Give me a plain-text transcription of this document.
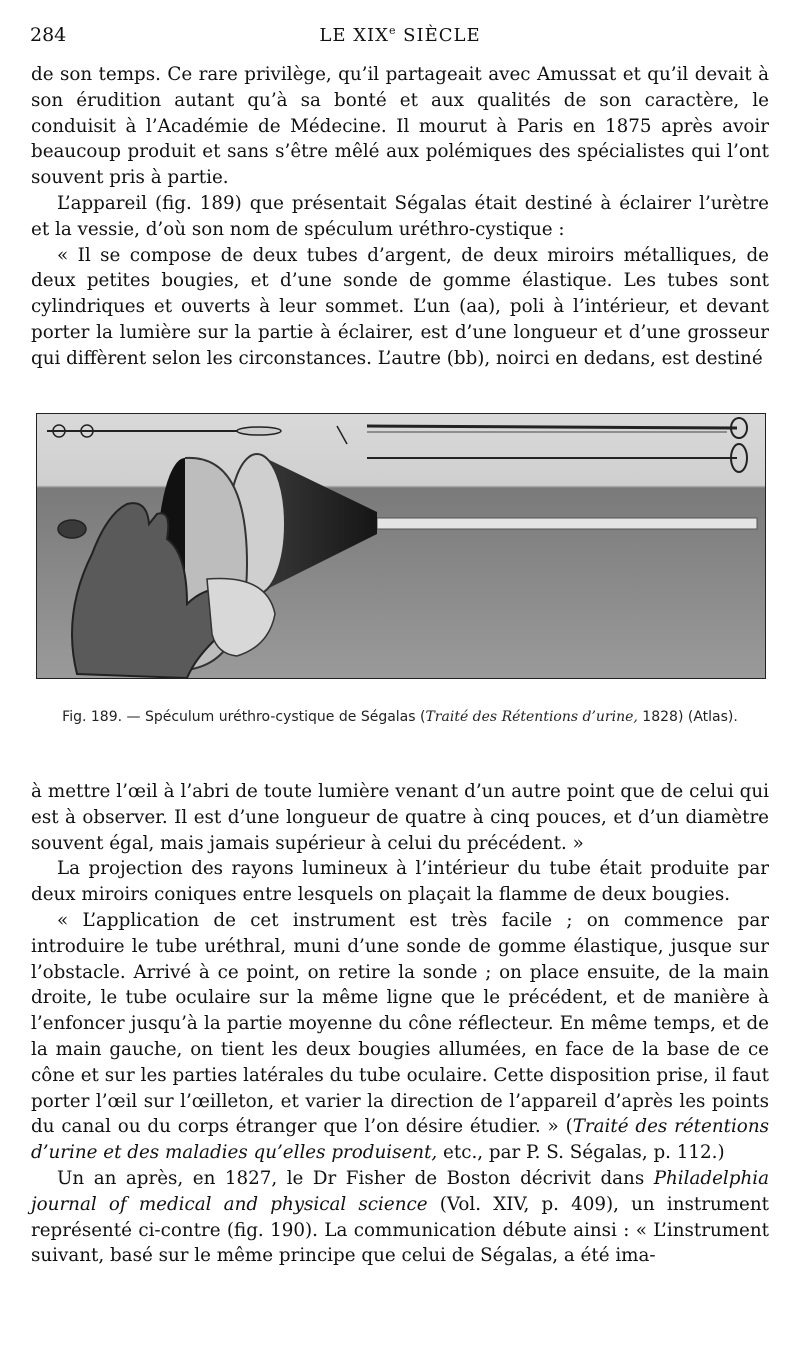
284	LE XIXe SIÈCLE

de son temps. Ce rare privilège, qu’il partageait avec Amussat et qu’il devait à son érudition autant qu’à sa bonté et aux qualités de son caractère, le conduisit à l’Académie de Médecine. Il mourut à Paris en 1875 après avoir beaucoup produit et sans s’être mêlé aux polémiques des spécialistes qui l’ont souvent pris à partie.

L’appareil (fig. 189) que présentait Ségalas était destiné à éclairer l’urètre et la vessie, d’où son nom de spéculum uréthro-cystique :

« Il se compose de deux tubes d’argent, de deux miroirs métalliques, de deux petites bougies, et d’une sonde de gomme élastique. Les tubes sont cylindriques et ouverts à leur sommet. L’un (aa), poli à l’intérieur, et devant porter la lumière sur la partie à éclairer, est d’une longueur et d’une grosseur qui diffèrent selon les circonstances. L’autre (bb), noirci en dedans, est destiné

Fig. 189. — Spéculum uréthro-cystique de Ségalas (Traité des Rétentions d’urine, 1828) (Atlas).

à mettre l’œil à l’abri de toute lumière venant d’un autre point que de celui qui est à observer. Il est d’une longueur de quatre à cinq pouces, et d’un diamètre souvent égal, mais jamais supérieur à celui du précédent. »

La projection des rayons lumineux à l’intérieur du tube était produite par deux miroirs coniques entre lesquels on plaçait la flamme de deux bougies.

« L’application de cet instrument est très facile ; on commence par introduire le tube uréthral, muni d’une sonde de gomme élastique, jusque sur l’obstacle. Arrivé à ce point, on retire la sonde ; on place ensuite, de la main droite, le tube oculaire sur la même ligne que le précédent, et de manière à l’enfoncer jusqu’à la partie moyenne du cône réflecteur. En même temps, et de la main gauche, on tient les deux bougies allumées, en face de la base de ce cône et sur les parties latérales du tube oculaire. Cette disposition prise, il faut porter l’œil sur l’œilleton, et varier la direction de l’appareil d’après les points du canal ou du corps étranger que l’on désire étudier. » (Traité des rétentions d’urine et des maladies qu’elles produisent, etc., par P. S. Ségalas, p. 112.)

Un an après, en 1827, le Dr Fisher de Boston décrivit dans Philadelphia journal of medical and physical science (Vol. XIV, p. 409), un instrument représenté ci-contre (fig. 190). La communication débute ainsi : « L’instrument suivant, basé sur le même principe que celui de Ségalas, a été ima-
